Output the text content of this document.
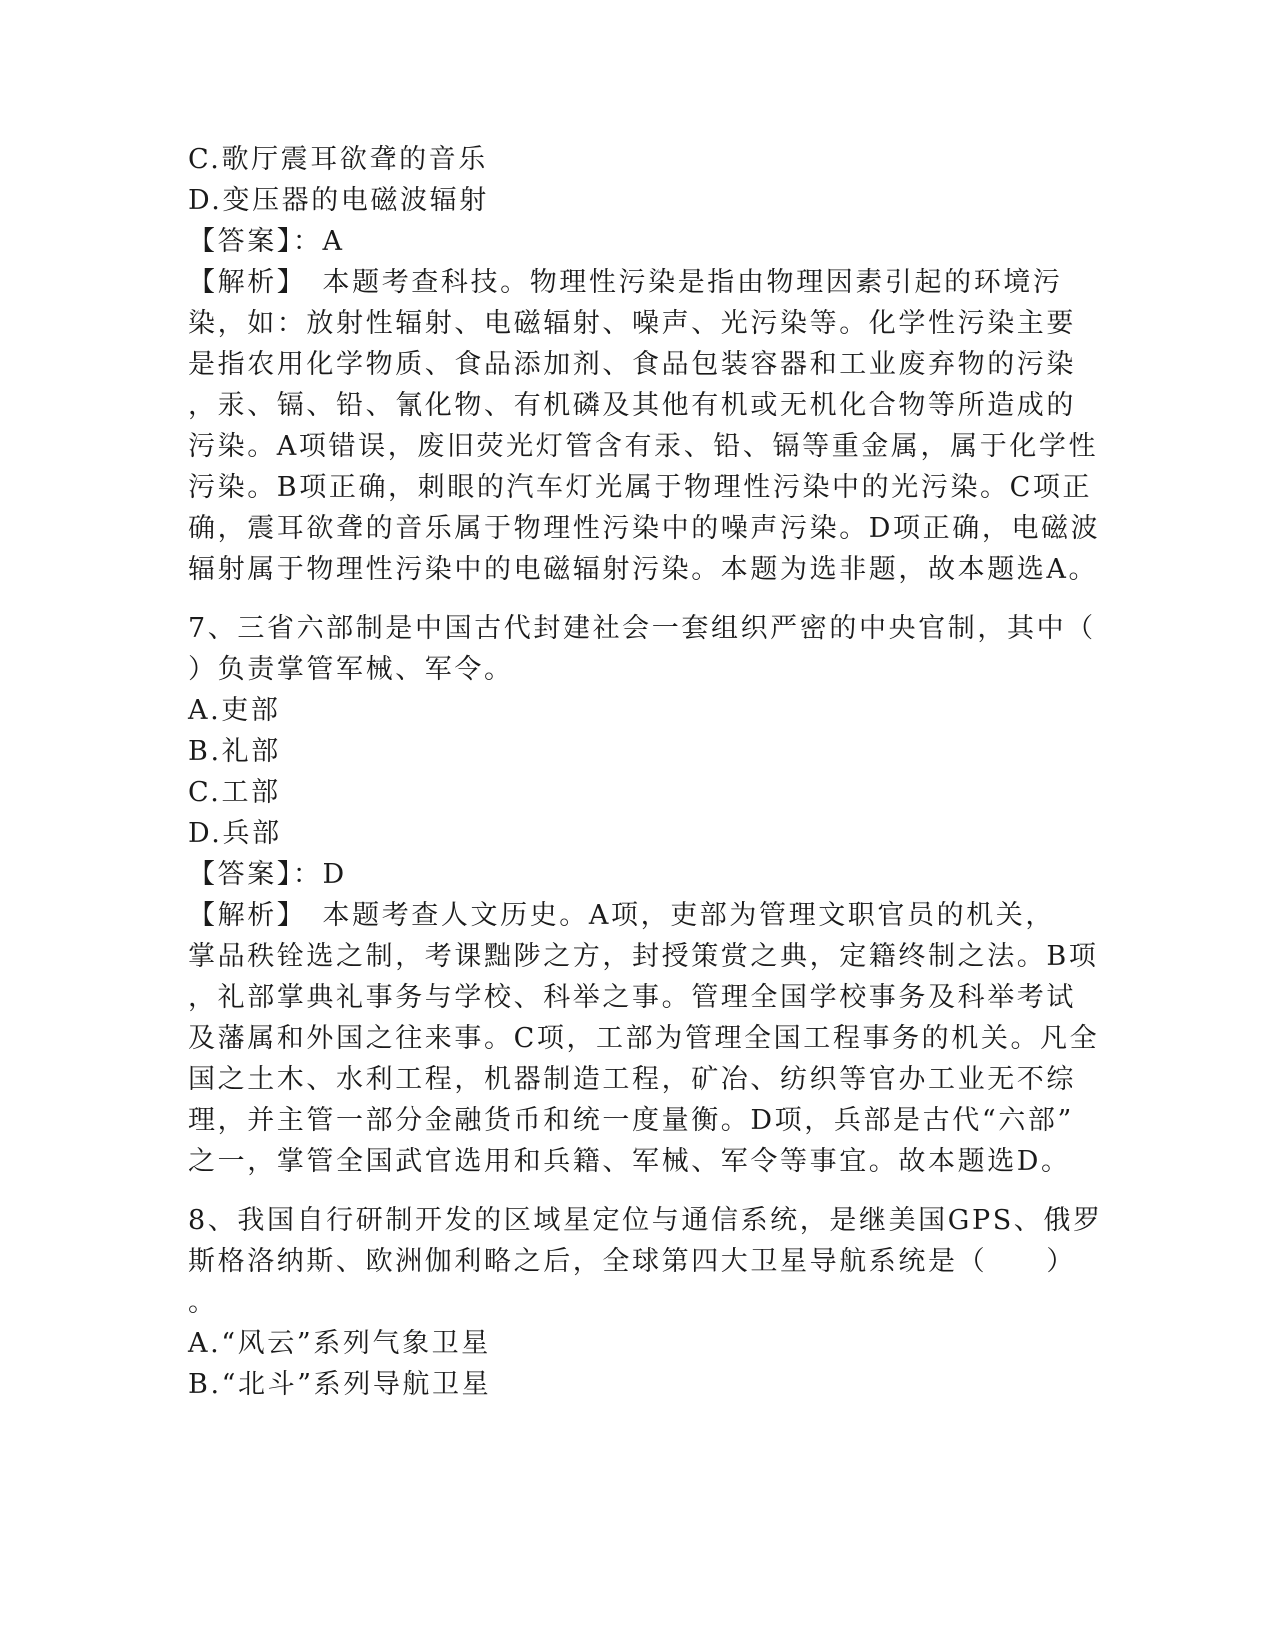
C.歌厅震耳欲聋的音乐
D.变压器的电磁波辐射
【答案】：A
【解析】　本题考查科技。物理性污染是指由物理因素引起的环境污
染，如：放射性辐射、电磁辐射、噪声、光污染等。化学性污染主要
是指农用化学物质、食品添加剂、食品包装容器和工业废弃物的污染
，汞、镉、铅、氰化物、有机磷及其他有机或无机化合物等所造成的
污染。A项错误，废旧荧光灯管含有汞、铅、镉等重金属，属于化学性
污染。B项正确，刺眼的汽车灯光属于物理性污染中的光污染。C项正
确，震耳欲聋的音乐属于物理性污染中的噪声污染。D项正确，电磁波
辐射属于物理性污染中的电磁辐射污染。本题为选非题，故本题选A。
7、三省六部制是中国古代封建社会一套组织严密的中央官制，其中（
）负责掌管军械、军令。
A.吏部
B.礼部
C.工部
D.兵部
【答案】：D
【解析】　本题考查人文历史。A项，吏部为管理文职官员的机关，
掌品秩铨选之制，考课黜陟之方，封授策赏之典，定籍终制之法。B项
，礼部掌典礼事务与学校、科举之事。管理全国学校事务及科举考试
及藩属和外国之往来事。C项，工部为管理全国工程事务的机关。凡全
国之土木、水利工程，机器制造工程，矿冶、纺织等官办工业无不综
理，并主管一部分金融货币和统一度量衡。D项，兵部是古代“六部”
之一，掌管全国武官选用和兵籍、军械、军令等事宜。故本题选D。
8、我国自行研制开发的区域星定位与通信系统，是继美国GPS、俄罗
斯格洛纳斯、欧洲伽利略之后，全球第四大卫星导航系统是（　　）
。
A.“风云”系列气象卫星
B.“北斗”系列导航卫星
